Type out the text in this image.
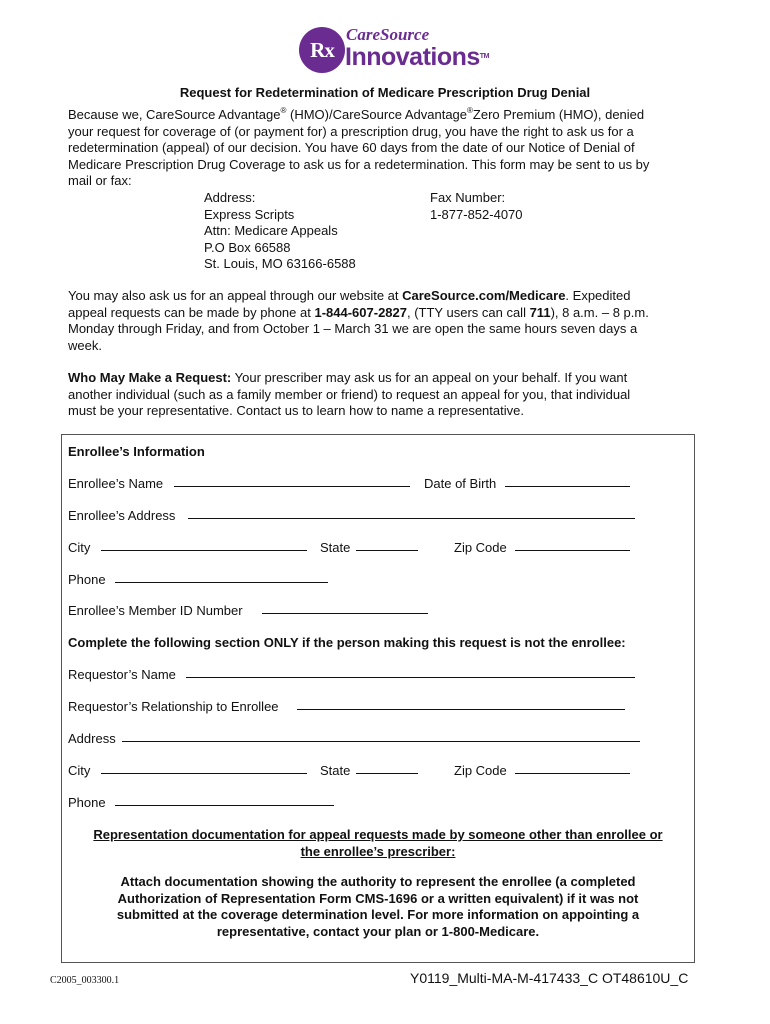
Rx
CareSource
Innovations™
Request for Redetermination of Medicare Prescription Drug Denial
Because we, CareSource Advantage® (HMO)/CareSource Advantage®Zero Premium (HMO), denied
your request for coverage of (or payment for) a prescription drug, you have the right to ask us for a
redetermination (appeal) of our decision. You have 60 days from the date of our Notice of Denial of
Medicare Prescription Drug Coverage to ask us for a redetermination. This form may be sent to us by
mail or fax:
Address:
Express Scripts
Attn: Medicare Appeals
P.O Box 66588
St. Louis, MO 63166-6588
Fax Number:
1-877-852-4070
You may also ask us for an appeal through our website at CareSource.com/Medicare. Expedited
appeal requests can be made by phone at 1-844-607-2827, (TTY users can call 711), 8 a.m. – 8 p.m.
Monday through Friday, and from October 1 – March 31 we are open the same hours seven days a
week.
Who May Make a Request: Your prescriber may ask us for an appeal on your behalf. If you want
another individual (such as a family member or friend) to request an appeal for you, that individual
must be your representative. Contact us to learn how to name a representative.
Enrollee’s Information
Enrollee’s Name	Date of Birth
Enrollee’s Address
City	State	Zip Code
Phone
Enrollee’s Member ID Number
Complete the following section ONLY if the person making this request is not the enrollee:
Requestor’s Name
Requestor’s Relationship to Enrollee
Address
City	State	Zip Code
Phone
Representation documentation for appeal requests made by someone other than enrollee or
the enrollee’s prescriber:
Attach documentation showing the authority to represent the enrollee (a completed
Authorization of Representation Form CMS-1696 or a written equivalent) if it was not
submitted at the coverage determination level. For more information on appointing a
representative, contact your plan or 1-800-Medicare.
C2005_003300.1	Y0119_Multi-MA-M-417433_C OT48610U_C
